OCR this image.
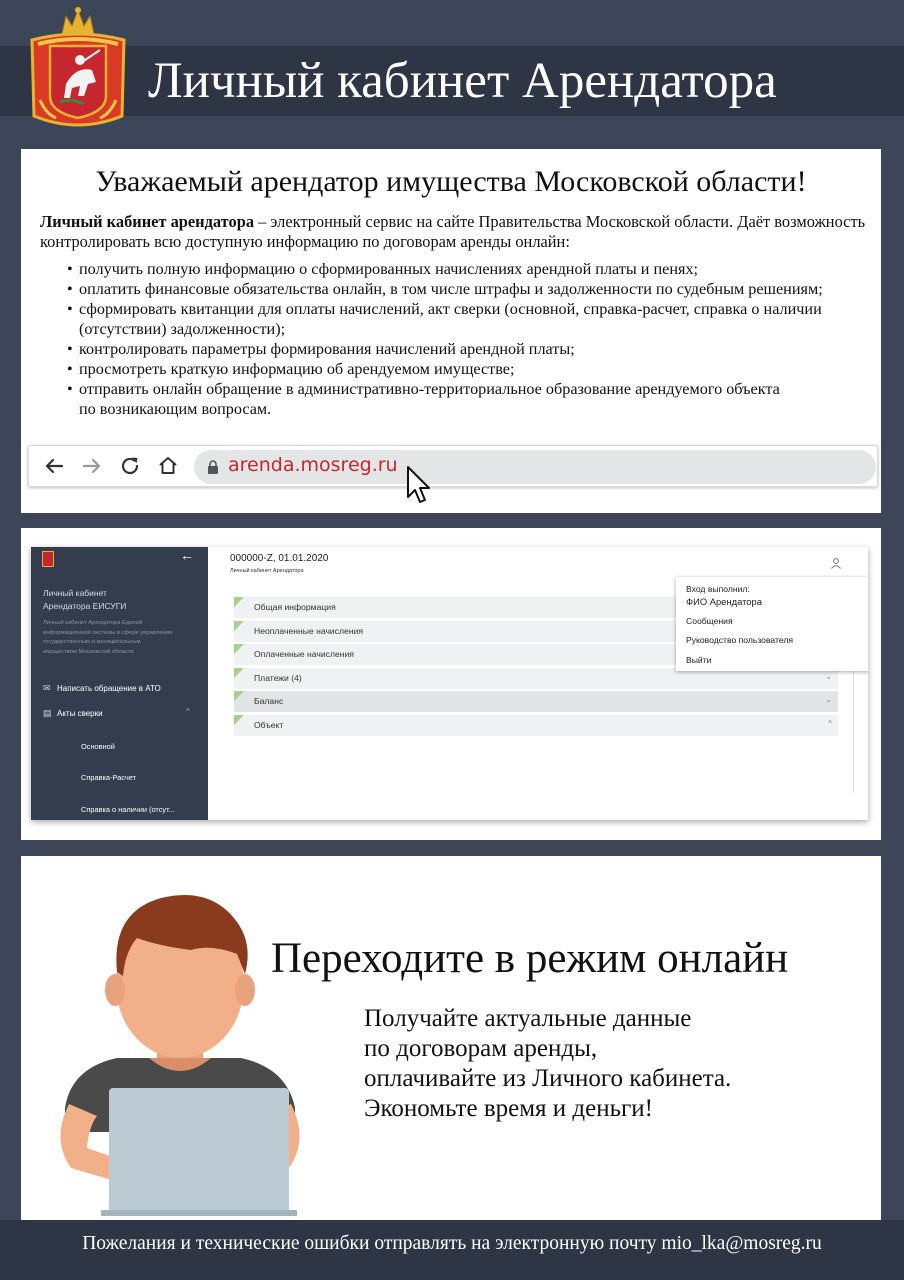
Личный кабинет Арендатора
Уважаемый арендатор имущества Московской области!
Личный кабинет арендатора – электронный сервис на сайте Правительства Московской области. Даёт возможность контролировать всю доступную информацию по договорам аренды онлайн:
• получить полную информацию о сформированных начислениях арендной платы и пенях;
• оплатить финансовые обязательства онлайн, в том числе штрафы и задолженности по судебным решениям;
• сформировать квитанции для оплаты начислений, акт сверки (основной, справка-расчет, справка о наличии (отсутствии) задолженности);
• контролировать параметры формирования начислений арендной платы;
• просмотреть краткую информацию об арендуемом имуществе;
• отправить онлайн обращение в административно-территориальное образование арендуемого объекта по возникающим вопросам.
arenda.mosreg.ru
←
Личный кабинет
Арендатора ЕИСУГИ
Личный кабинет Арендатора Единой информационной системы в сфере управления государственным и муниципальным имуществом Московской области
✉ Написать обращение в АТО
▤ Акты сверки	^
Основной
Справка-Расчет
Справка о наличии (отсут...
000000-Z, 01.01.2020
Личный кабинет Арендатора
Общая информация
Неоплаченные начисления
Оплаченные начисления
Платежи (4)	⌄
Баланс	⌄
Объект	^
Вход выполнил:
ФИО Арендатора
Сообщения
Руководство пользователя
Выйти
Переходите в режим онлайн
Получайте актуальные данные
по договорам аренды,
оплачивайте из Личного кабинета.
Экономьте время и деньги!
Пожелания и технические ошибки отправлять на электронную почту mio_lka@mosreg.ru
